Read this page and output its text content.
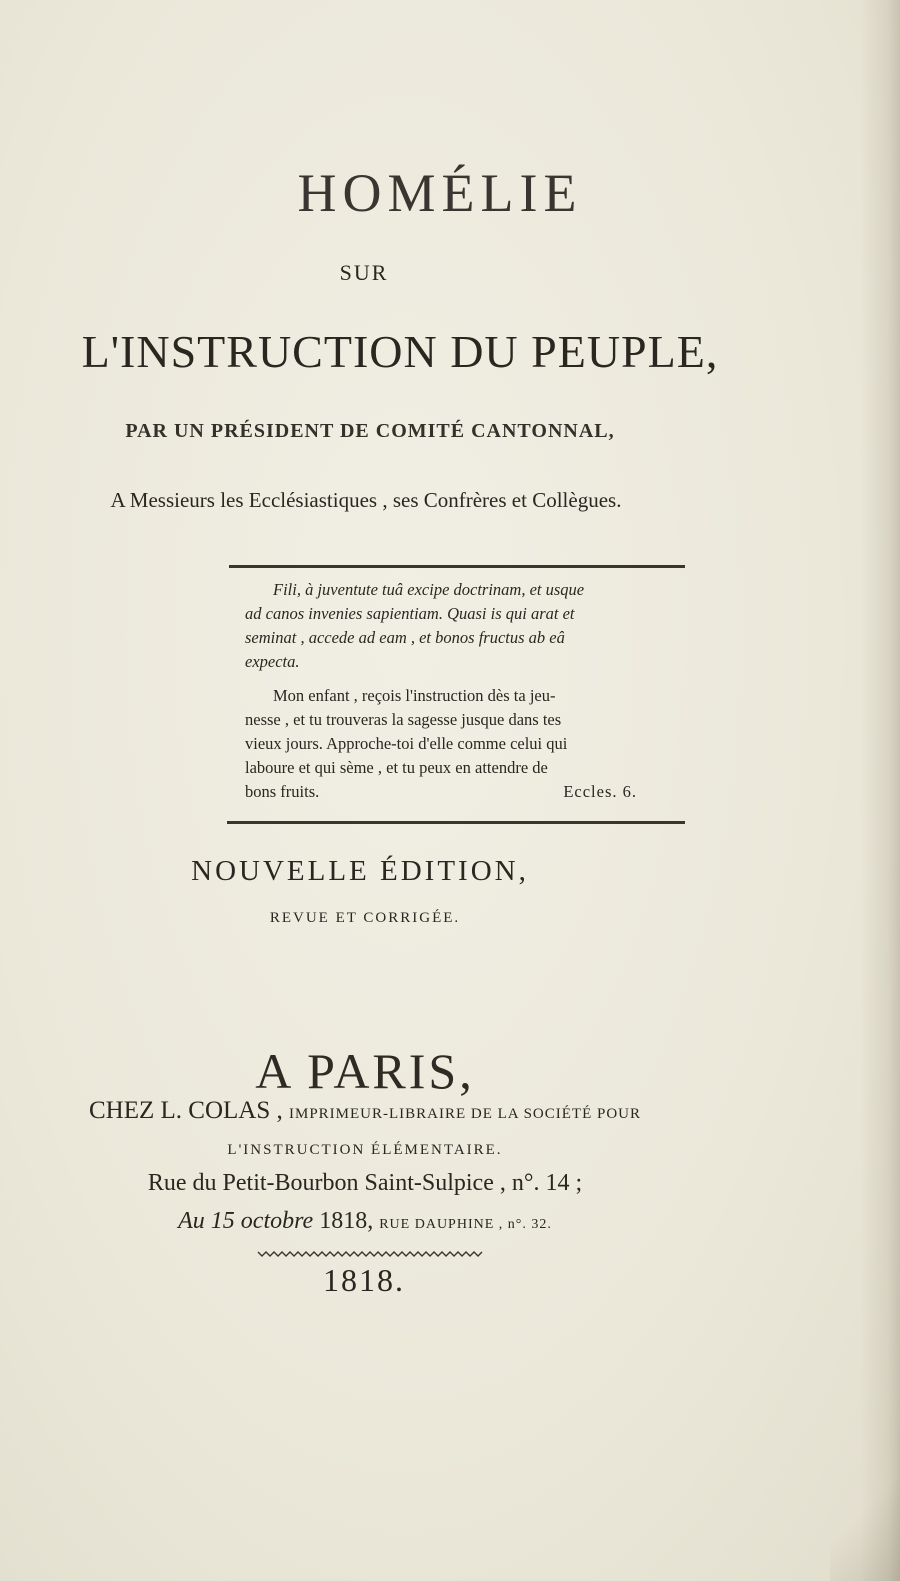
HOMÉLIE
SUR
L'INSTRUCTION DU PEUPLE,
PAR UN PRÉSIDENT DE COMITÉ CANTONNAL,
A Messieurs les Ecclésiastiques , ses Confrères et Collègues.

Fili, à juventute tuâ excipe doctrinam, et usque

ad canos invenies sapientiam. Quasi is qui arat et

seminat , accede ad eam , et bonos fructus ab eâ

expecta.

Mon enfant , reçois l'instruction dès ta jeu-

nesse , et tu trouveras la sagesse jusque dans tes

vieux jours. Approche-toi d'elle comme celui qui

laboure et qui sème , et tu peux en attendre de

bons fruits.	Eccles. 6.

NOUVELLE ÉDITION,
REVUE ET CORRIGÉE.
A PARIS,
CHEZ L. COLAS , IMPRIMEUR-LIBRAIRE DE LA SOCIÉTÉ POUR
L'INSTRUCTION ÉLÉMENTAIRE.
Rue du Petit-Bourbon Saint-Sulpice , n°. 14 ;
Au 15 octobre 1818, RUE DAUPHINE , n°. 32.
1818.
